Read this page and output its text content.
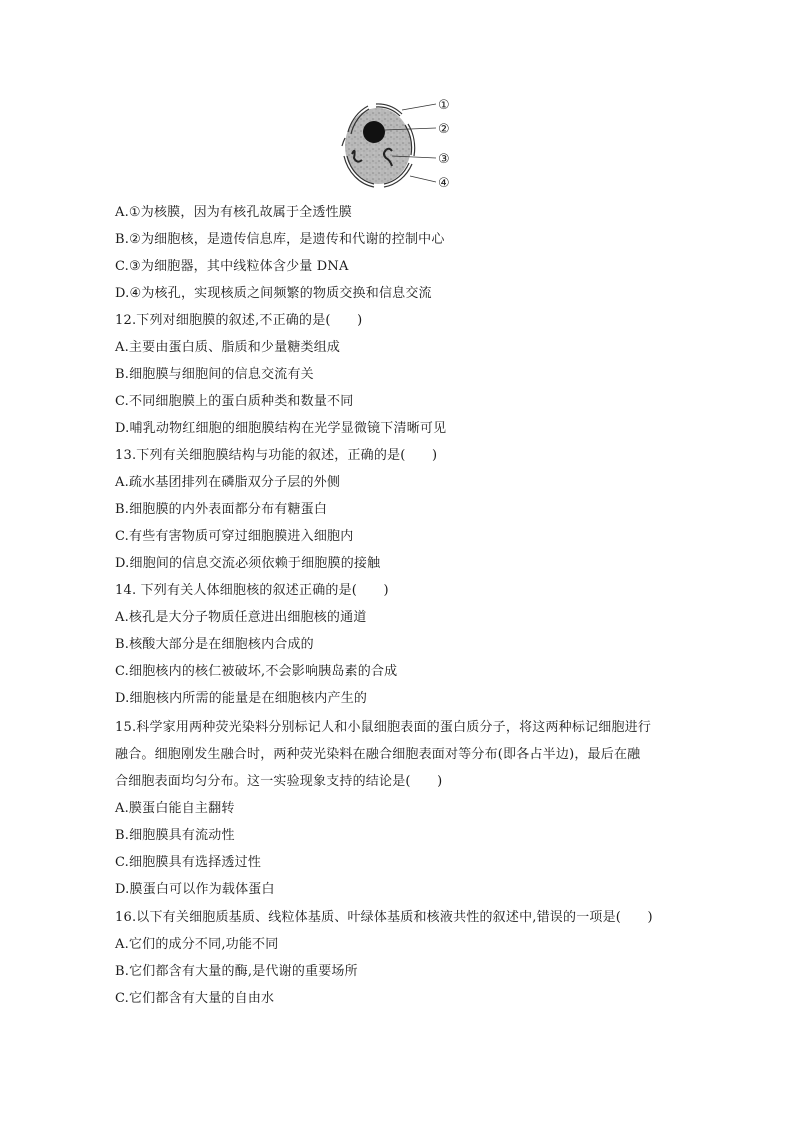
①
②
③
④
A.①为核膜，因为有核孔故属于全透性膜
B.②为细胞核，是遗传信息库，是遗传和代谢的控制中心
C.③为细胞器，其中线粒体含少量 DNA
D.④为核孔，实现核质之间频繁的物质交换和信息交流
12.下列对细胞膜的叙述,不正确的是(　　)
A.主要由蛋白质、脂质和少量糖类组成
B.细胞膜与细胞间的信息交流有关
C.不同细胞膜上的蛋白质种类和数量不同
D.哺乳动物红细胞的细胞膜结构在光学显微镜下清晰可见
13.下列有关细胞膜结构与功能的叙述，正确的是(　　)
A.疏水基团排列在磷脂双分子层的外侧
B.细胞膜的内外表面都分布有糖蛋白
C.有些有害物质可穿过细胞膜进入细胞内
D.细胞间的信息交流必须依赖于细胞膜的接触
14. 下列有关人体细胞核的叙述正确的是(　　)
A.核孔是大分子物质任意进出细胞核的通道
B.核酸大部分是在细胞核内合成的
C.细胞核内的核仁被破坏,不会影响胰岛素的合成
D.细胞核内所需的能量是在细胞核内产生的
15.科学家用两种荧光染料分别标记人和小鼠细胞表面的蛋白质分子，将这两种标记细胞进行
融合。细胞刚发生融合时，两种荧光染料在融合细胞表面对等分布(即各占半边)，最后在融
合细胞表面均匀分布。这一实验现象支持的结论是(　　)
A.膜蛋白能自主翻转
B.细胞膜具有流动性
C.细胞膜具有选择透过性
D.膜蛋白可以作为载体蛋白
16.以下有关细胞质基质、线粒体基质、叶绿体基质和核液共性的叙述中,错误的一项是(　　)
A.它们的成分不同,功能不同
B.它们都含有大量的酶,是代谢的重要场所
C.它们都含有大量的自由水
